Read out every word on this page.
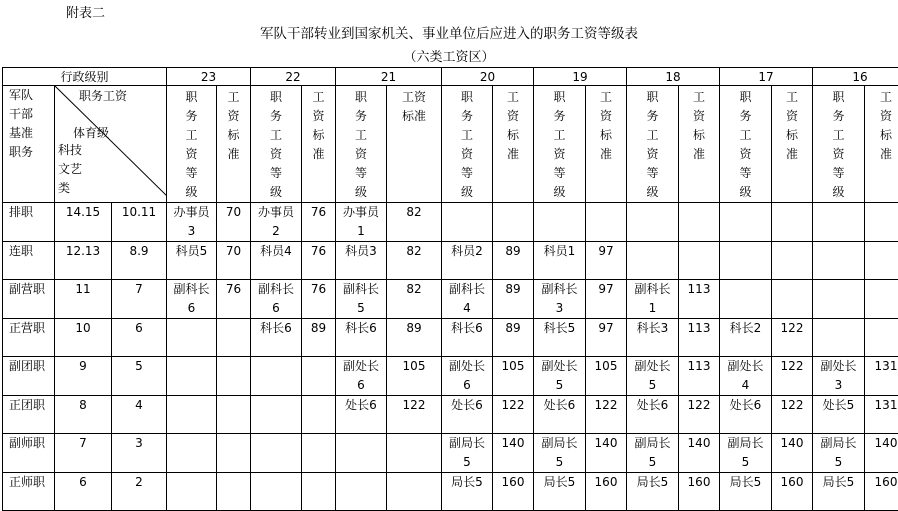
附表二
军队干部转业到国家机关、事业单位后应进入的职务工资等级表
（六类工资区）
行政级别			23		22		21		20		19		18		17		16	

军队干部基准职务	职务工资
体育级
科技文艺类		职务工资等级	工资标准	职务工资等级	工资标准	职务工资等级	工资标准	职务工资等级	工资标准	职务工资等级	工资标准	职务工资等级	工资标准	职务工资等级	工资标准	职务工资等级	工资标准

排职	14.15	10.11	办事员3	70	办事员2	76	办事员1	82	

连职	12.13	8.9	科员5	70	科员4	76	科员3	82	科员2	89	科员1	97	

副营职	11	7	副科长6	76	副科长6	76	副科长5	82	副科长4	89	副科长3	97	副科长1	113	

正营职	10	6			科长6	89	科长6	89	科长6	89	科长5	97	科长3	113	科长2	122	

副团职	9	5					副处长6	105	副处长6	105	副处长5	105	副处长5	113	副处长4	122	副处长3	131
正团职	8	4					处长6	122	处长6	122	处长6	122	处长6	122	处长6	122	处长5	131
副师职	7	3							副局长5	140	副局长5	140	副局长5	140	副局长5	140	副局长5	140
正师职	6	2							局长5	160	局长5	160	局长5	160	局长5	160	局长5	160
